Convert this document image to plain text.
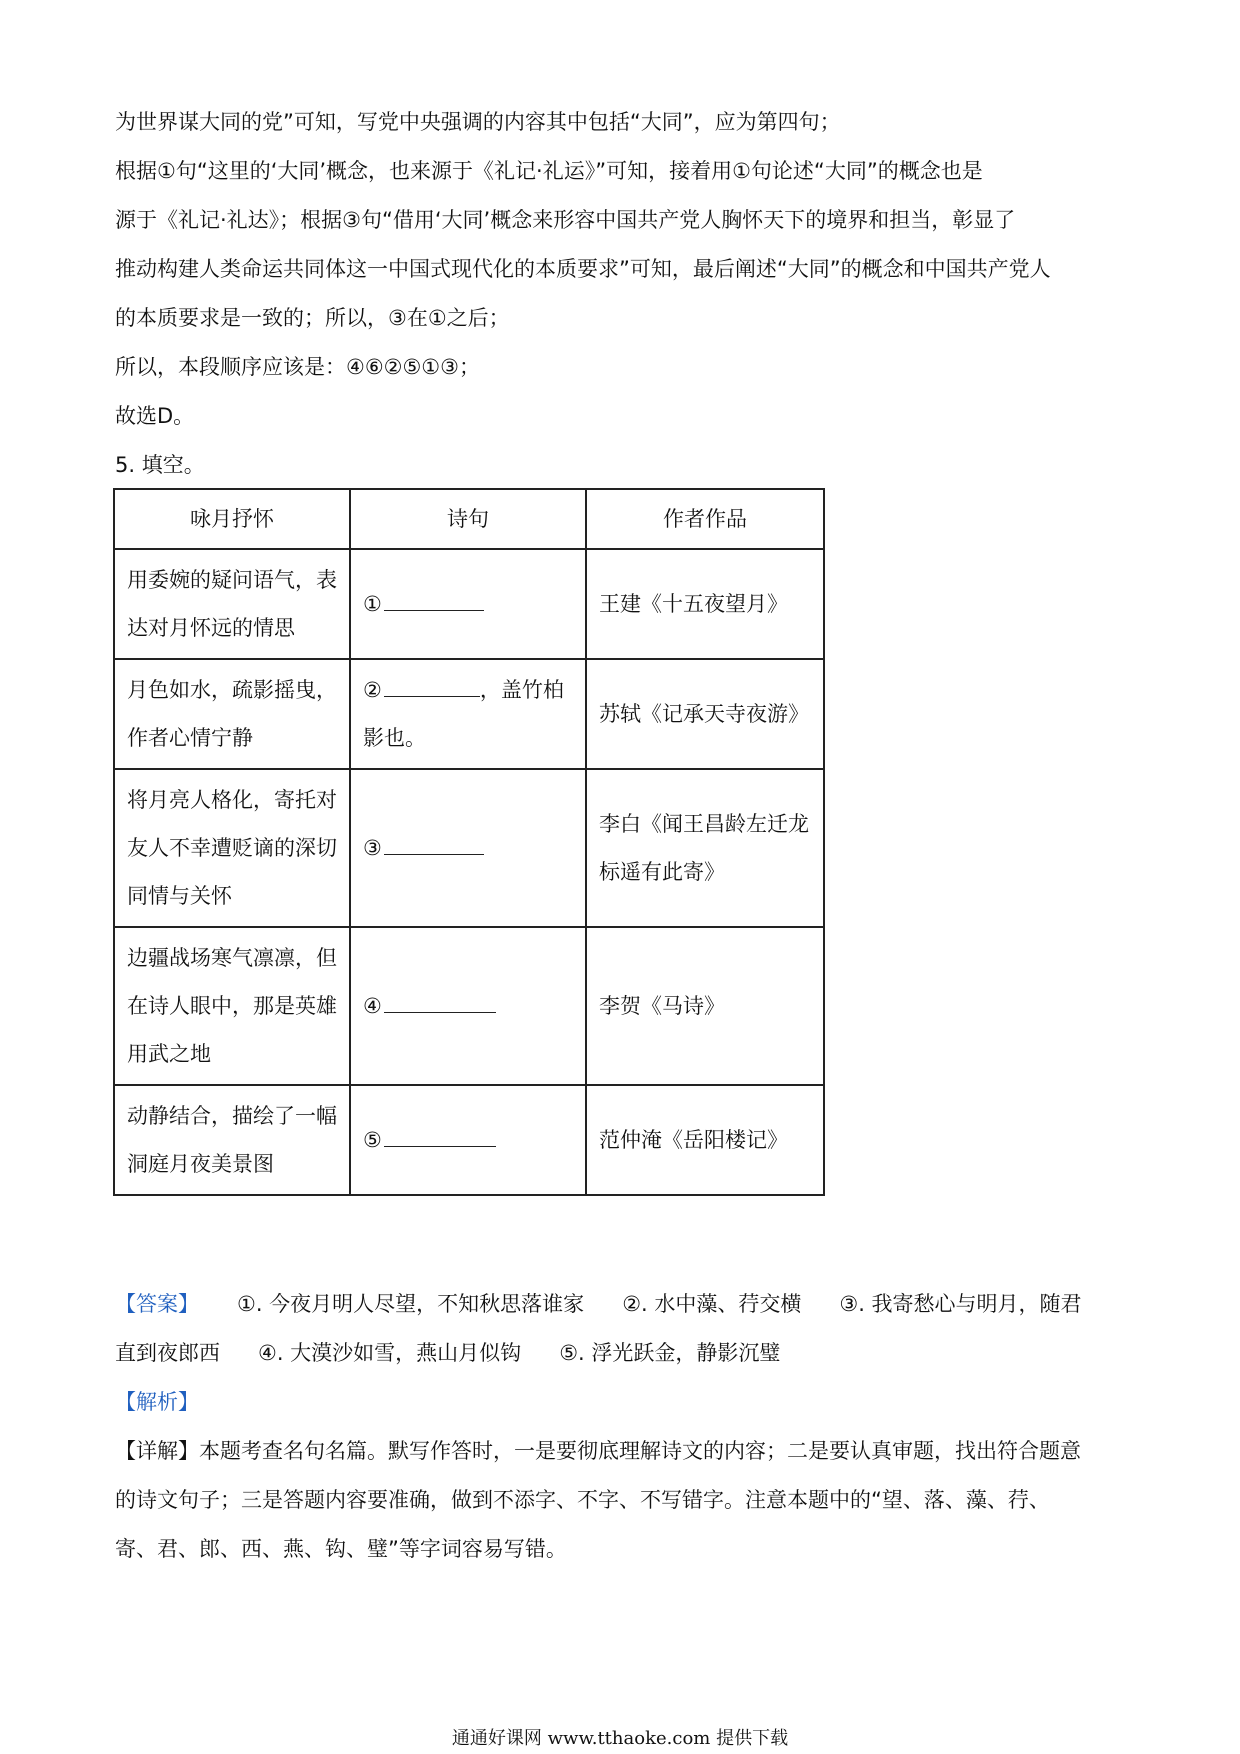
为世界谋大同的党”可知，写党中央强调的内容其中包括“大同”，应为第四句；
根据①句“这里的‘大同’概念，也来源于《礼记·礼运》”可知，接着用①句论述“大同”的概念也是
源于《礼记·礼达》；根据③句“借用‘大同’概念来形容中国共产党人胸怀天下的境界和担当，彰显了
推动构建人类命运共同体这一中国式现代化的本质要求”可知，最后阐述“大同”的概念和中国共产党人
的本质要求是一致的；所以，③在①之后；
所以，本段顺序应该是：④⑥②⑤①③；
故选D。
5. 填空。
咏月抒怀	诗句	作者作品
用委婉的疑问语气，表达对月怀远的情思	①	王建《十五夜望月》
月色如水，疏影摇曳，作者心情宁静	② ，盖竹柏影也。	苏轼《记承天寺夜游》
将月亮人格化，寄托对友人不幸遭贬谪的深切同情与关怀	③	李白《闻王昌龄左迁龙标遥有此寄》
边疆战场寒气凛凛，但在诗人眼中，那是英雄用武之地	④	李贺《马诗》
动静结合，描绘了一幅洞庭月夜美景图	⑤	范仲淹《岳阳楼记》
【答案】 ①. 今夜月明人尽望，不知秋思落谁家 ②. 水中藻、荇交横 ③. 我寄愁心与明月，随君
直到夜郎西 ④. 大漠沙如雪，燕山月似钩 ⑤. 浮光跃金，静影沉璧
【解析】
【详解】本题考查名句名篇。默写作答时，一是要彻底理解诗文的内容；二是要认真审题，找出符合题意
的诗文句子；三是答题内容要准确，做到不添字、不字、不写错字。注意本题中的“望、落、藻、荇、
寄、君、郎、西、燕、钩、璧”等字词容易写错。
通通好课网 www.tthaoke.com 提供下载
